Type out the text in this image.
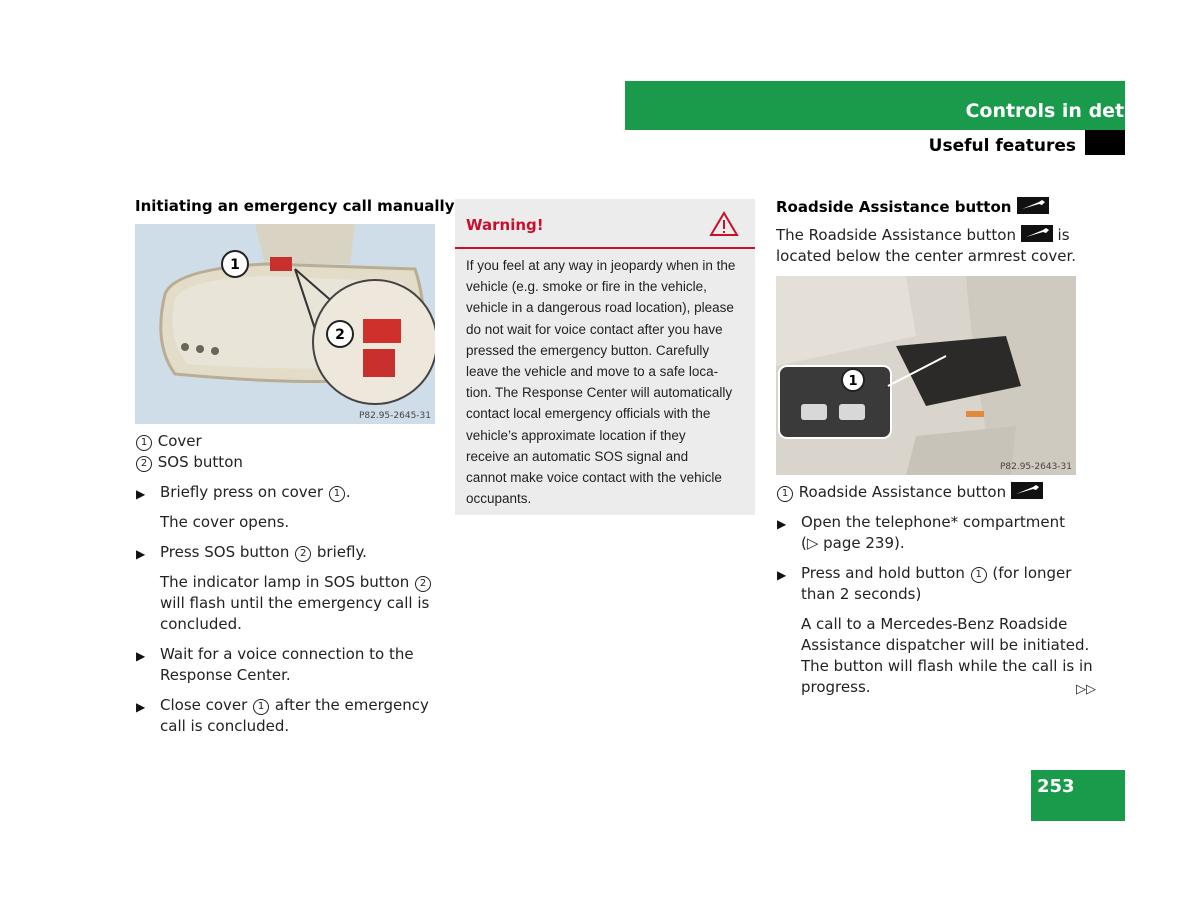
Controls in detail
Useful features
Initiating an emergency call manually
1
2
P82.95-2645-31
1 Cover
2 SOS button
▶ Briefly press on cover 1 .
The cover opens.
▶ Press SOS button 2 briefly.
The indicator lamp in SOS button 2
will flash until the emergency call is
concluded.
▶ Wait for a voice connection to the
Response Center.
▶ Close cover 1 after the emergency
call is concluded.
Warning!
If you feel at any way in jeopardy when in the
vehicle (e.g. smoke or fire in the vehicle,
vehicle in a dangerous road location), please
do not wait for voice contact after you have
pressed the emergency button. Carefully
leave the vehicle and move to a safe loca-
tion. The Response Center will automatically
contact local emergency officials with the
vehicle’s approximate location if they
receive an automatic SOS signal and
cannot make voice contact with the vehicle
occupants.
Roadside Assistance button
The Roadside Assistance button	is
located below the center armrest cover.
1
P82.95-2643-31
1 Roadside Assistance button
▶ Open the telephone* compartment
(▷ page 239).
▶ Press and hold button 1 (for longer
than 2 seconds)
A call to a Mercedes-Benz Roadside
Assistance dispatcher will be initiated.
The button will flash while the call is in
progress.	▷▷
253
